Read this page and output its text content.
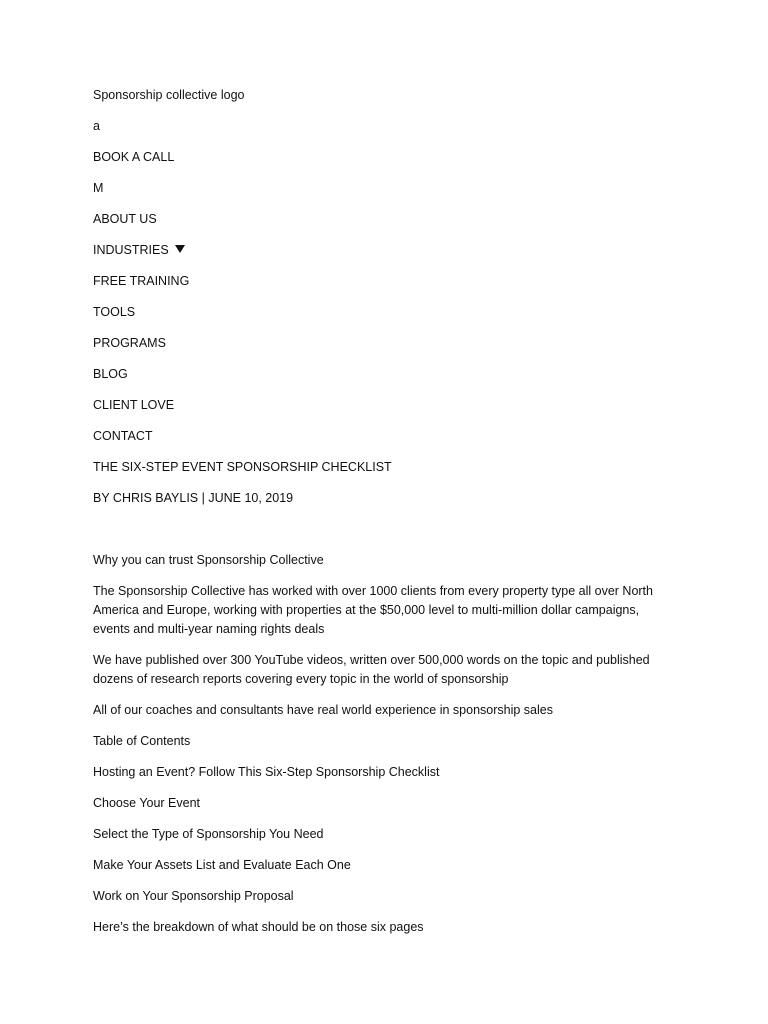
Sponsorship collective logo
a
BOOK A CALL
M
ABOUT US
INDUSTRIES
FREE TRAINING
TOOLS
PROGRAMS
BLOG
CLIENT LOVE
CONTACT
THE SIX-STEP EVENT SPONSORSHIP CHECKLIST
BY CHRIS BAYLIS | JUNE 10, 2019
Why you can trust Sponsorship Collective
The Sponsorship Collective has worked with over 1000 clients from every property type all over North America and Europe, working with properties at the $50,000 level to multi-million dollar campaigns, events and multi-year naming rights deals
We have published over 300 YouTube videos, written over 500,000 words on the topic and published dozens of research reports covering every topic in the world of sponsorship
All of our coaches and consultants have real world experience in sponsorship sales
Table of Contents
Hosting an Event? Follow This Six-Step Sponsorship Checklist
Choose Your Event
Select the Type of Sponsorship You Need
Make Your Assets List and Evaluate Each One
Work on Your Sponsorship Proposal
Here’s the breakdown of what should be on those six pages
